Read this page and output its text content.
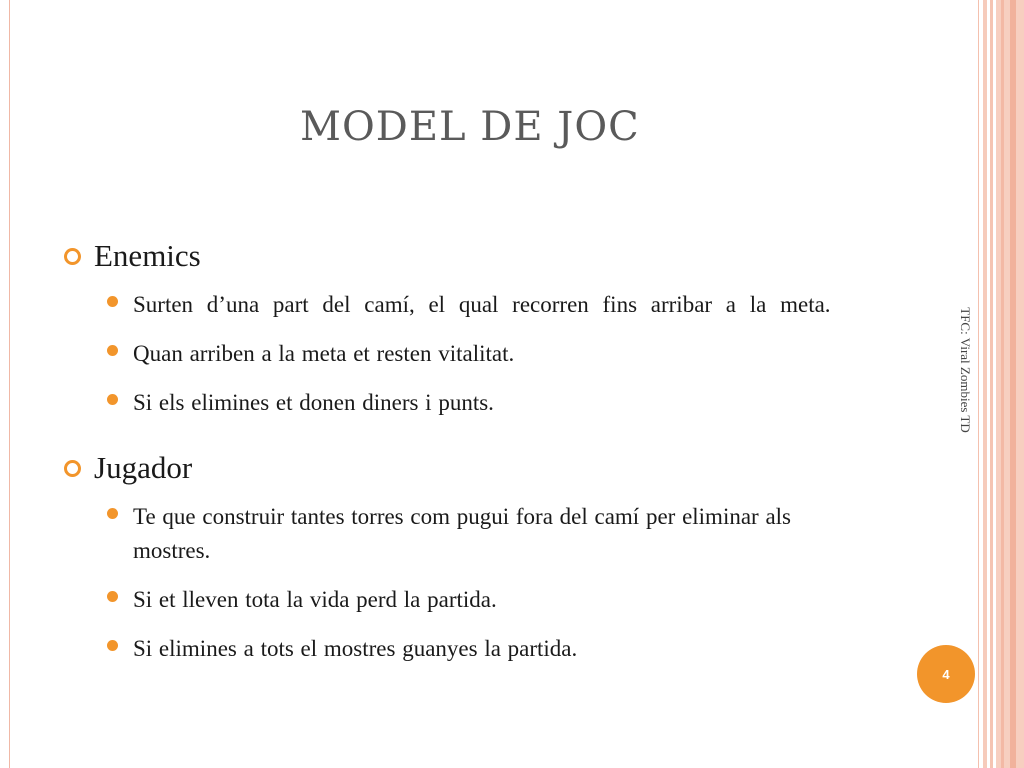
MODEL DE JOC
Enemics
Surten d’una part del camí, el qual recorren fins arribar a la meta.
Quan arriben a la meta et resten vitalitat.
Si els elimines et donen diners i punts.
Jugador
Te que construir tantes torres com pugui fora del camí per eliminar als mostres.
Si et lleven tota la vida perd la partida.
Si elimines a tots el mostres guanyes la partida.
TFC: Viral Zombies TD
4
